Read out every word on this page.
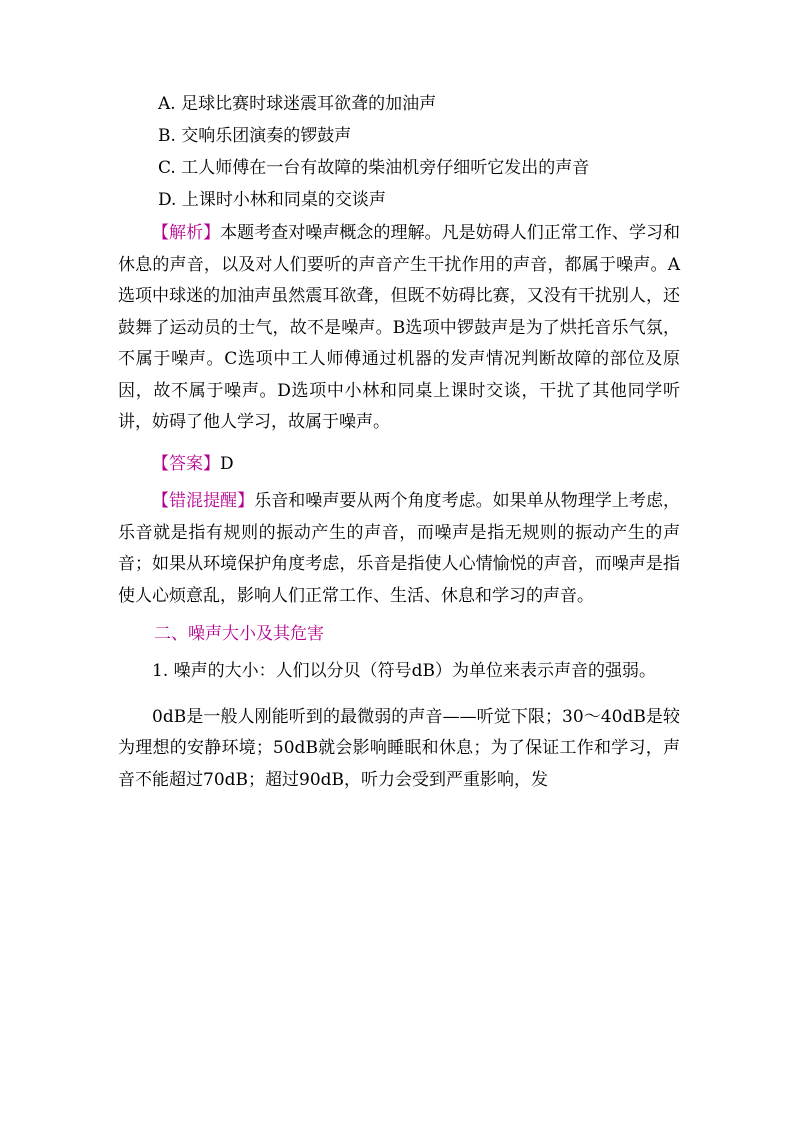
A. 足球比赛时球迷震耳欲聋的加油声

B. 交响乐团演奏的锣鼓声

C. 工人师傅在一台有故障的柴油机旁仔细听它发出的声音

D. 上课时小林和同桌的交谈声

【解析】本题考查对噪声概念的理解。凡是妨碍人们正常工作、学习和休息的声音，以及对人们要听的声音产生干扰作用的声音，都属于噪声。A选项中球迷的加油声虽然震耳欲聋，但既不妨碍比赛，又没有干扰别人，还鼓舞了运动员的士气，故不是噪声。B选项中锣鼓声是为了烘托音乐气氛，不属于噪声。C选项中工人师傅通过机器的发声情况判断故障的部位及原因，故不属于噪声。D选项中小林和同桌上课时交谈，干扰了其他同学听讲，妨碍了他人学习，故属于噪声。

【答案】D

【错混提醒】乐音和噪声要从两个角度考虑。如果单从物理学上考虑，乐音就是指有规则的振动产生的声音，而噪声是指无规则的振动产生的声音；如果从环境保护角度考虑，乐音是指使人心情愉悦的声音，而噪声是指使人心烦意乱，影响人们正常工作、生活、休息和学习的声音。

二、噪声大小及其危害

1. 噪声的大小：人们以分贝（符号dB）为单位来表示声音的强弱。

0dB是一般人刚能听到的最微弱的声音——听觉下限；30～40dB是较为理想的安静环境；50dB就会影响睡眠和休息；为了保证工作和学习，声音不能超过70dB；超过90dB，听力会受到严重影响，发
